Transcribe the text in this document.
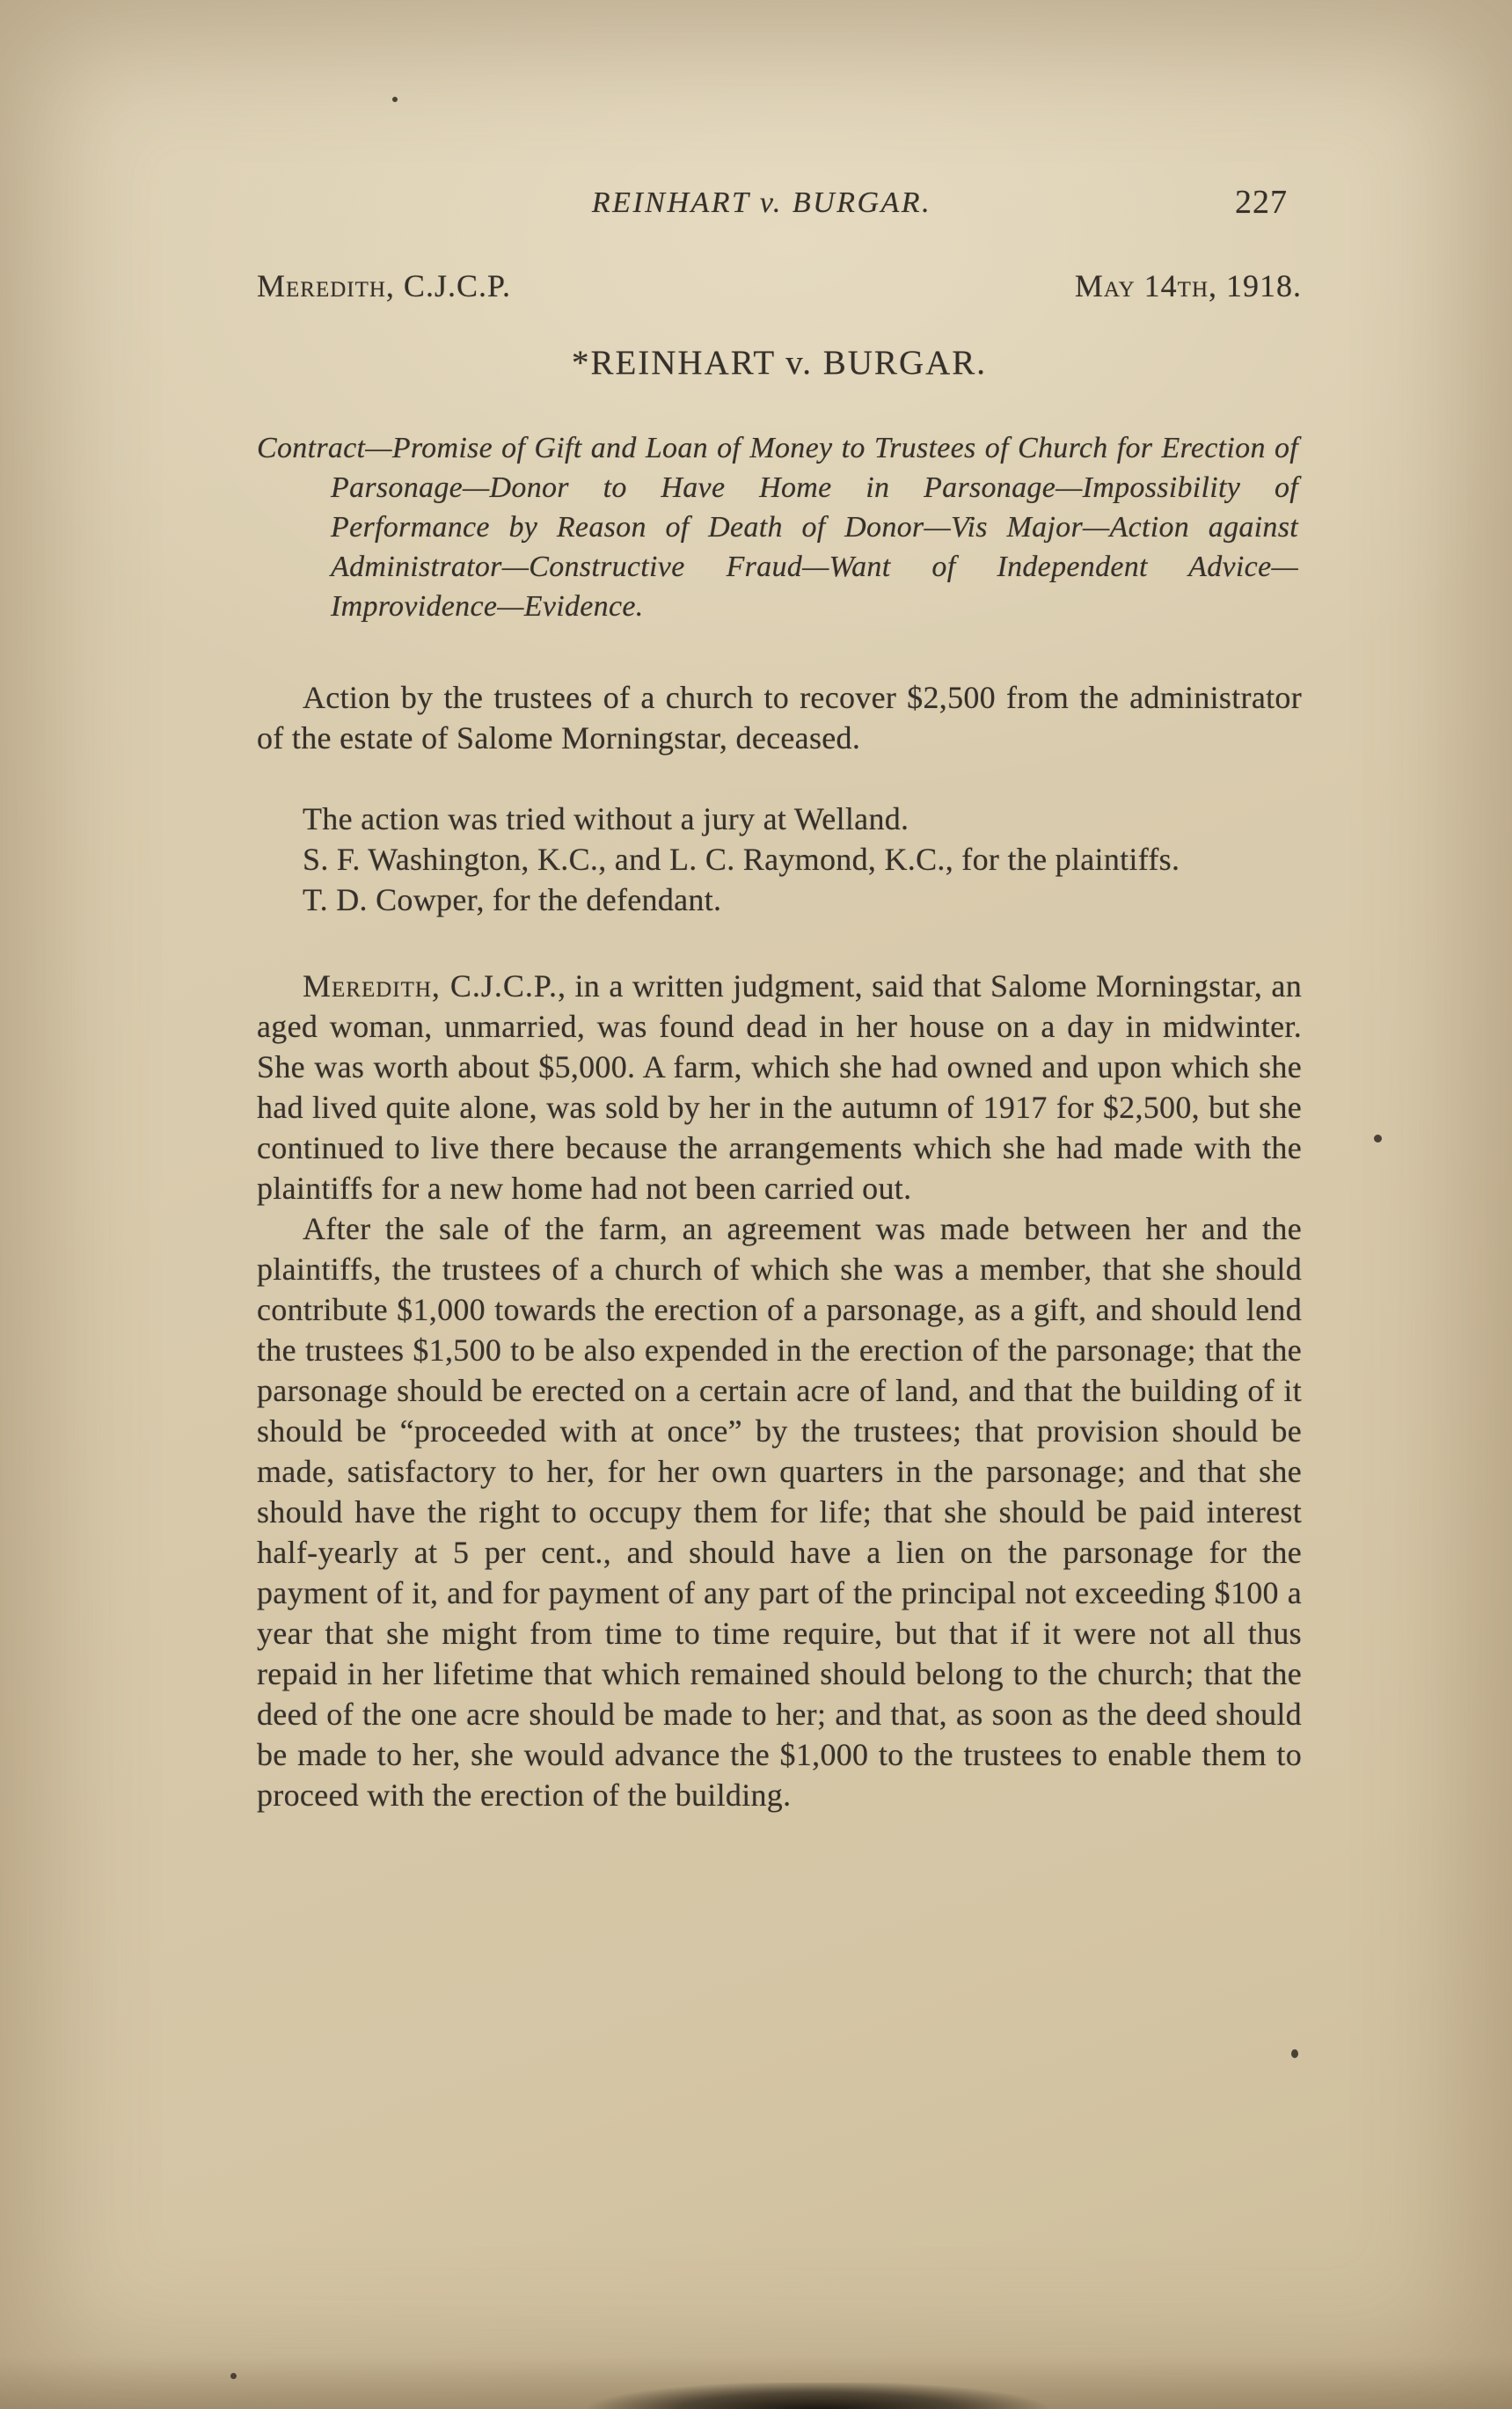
REINHART v. BURGAR.	227
Meredith, C.J.C.P.	May 14th, 1918.
*REINHART v. BURGAR.

Contract—Promise of Gift and Loan of Money to Trustees of Church for Erection of Parsonage—Donor to Have Home in Parsonage—Impossibility of Performance by Reason of Death of Donor—Vis Major—Action against Administrator—Constructive Fraud—Want of Independent Advice—Improvidence—Evidence.

Action by the trustees of a church to recover $2,500 from the administrator of the estate of Salome Morningstar, deceased.

The action was tried without a jury at Welland.

S. F. Washington, K.C., and L. C. Raymond, K.C., for the plaintiffs.

T. D. Cowper, for the defendant.

Meredith, C.J.C.P., in a written judgment, said that Salome Morningstar, an aged woman, unmarried, was found dead in her house on a day in midwinter. She was worth about $5,000. A farm, which she had owned and upon which she had lived quite alone, was sold by her in the autumn of 1917 for $2,500, but she continued to live there because the arrangements which she had made with the plaintiffs for a new home had not been carried out.

After the sale of the farm, an agreement was made between her and the plaintiffs, the trustees of a church of which she was a member, that she should contribute $1,000 towards the erection of a parsonage, as a gift, and should lend the trustees $1,500 to be also expended in the erection of the parsonage; that the parsonage should be erected on a certain acre of land, and that the building of it should be “proceeded with at once” by the trustees; that provision should be made, satisfactory to her, for her own quarters in the parsonage; and that she should have the right to occupy them for life; that she should be paid interest half-yearly at 5 per cent., and should have a lien on the parsonage for the payment of it, and for payment of any part of the principal not exceeding $100 a year that she might from time to time require, but that if it were not all thus repaid in her lifetime that which remained should belong to the church; that the deed of the one acre should be made to her; and that, as soon as the deed should be made to her, she would advance the $1,000 to the trustees to enable them to proceed with the erection of the building.
